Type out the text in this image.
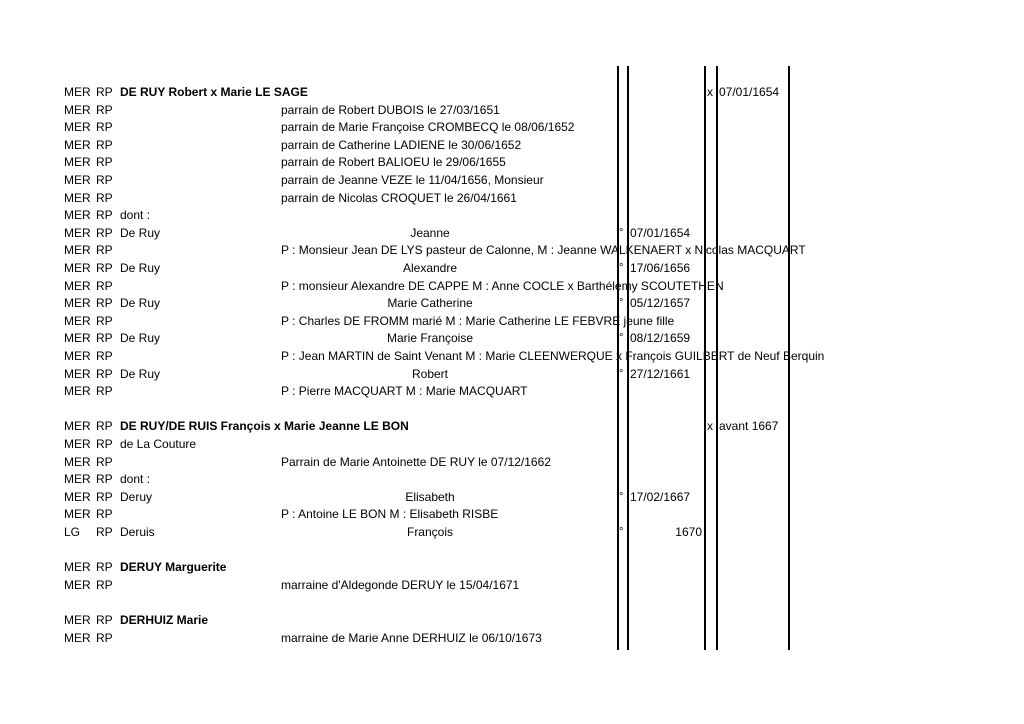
MER RP DE RUY Robert x Marie LE SAGE	x 07/01/1654
MER RP	parrain de Robert DUBOIS le 27/03/1651
MER RP	parrain de Marie Françoise CROMBECQ le 08/06/1652
MER RP	parrain de Catherine LADIENE le 30/06/1652
MER RP	parrain de Robert BALIOEU le 29/06/1655
MER RP	parrain de Jeanne VEZE le 11/04/1656, Monsieur
MER RP	parrain de Nicolas CROQUET le 26/04/1661
MER RP dont :
MER RP De Ruy	Jeanne	° 07/01/1654
MER RP	P : Monsieur Jean DE LYS pasteur de Calonne, M : Jeanne WALKENAERT x Nicolas MACQUART
MER RP De Ruy	Alexandre	° 17/06/1656
MER RP	P : monsieur Alexandre DE CAPPE M : Anne COCLE x Barthélemy SCOUTETHEN
MER RP De Ruy	Marie Catherine	° 05/12/1657
MER RP	P : Charles DE FROMM marié M : Marie Catherine LE FEBVRE jeune fille
MER RP De Ruy	Marie Françoise	° 08/12/1659
MER RP	P : Jean MARTIN de Saint Venant M : Marie CLEENWERQUE x François GUILBERT de Neuf Berquin
MER RP De Ruy	Robert	° 27/12/1661
MER RP	P : Pierre MACQUART M : Marie MACQUART
MER RP DE RUY/DE RUIS François x Marie Jeanne LE BON	x avant 1667
MER RP de La Couture
MER RP	Parrain de Marie Antoinette DE RUY le 07/12/1662
MER RP dont :
MER RP Deruy	Elisabeth	° 17/02/1667
MER RP	P : Antoine LE BON M : Elisabeth RISBE
LG RP Deruis	François	°	1670
MER RP DERUY Marguerite
MER RP	marraine d'Aldegonde DERUY le 15/04/1671
MER RP DERHUIZ Marie
MER RP	marraine de Marie Anne DERHUIZ le 06/10/1673
